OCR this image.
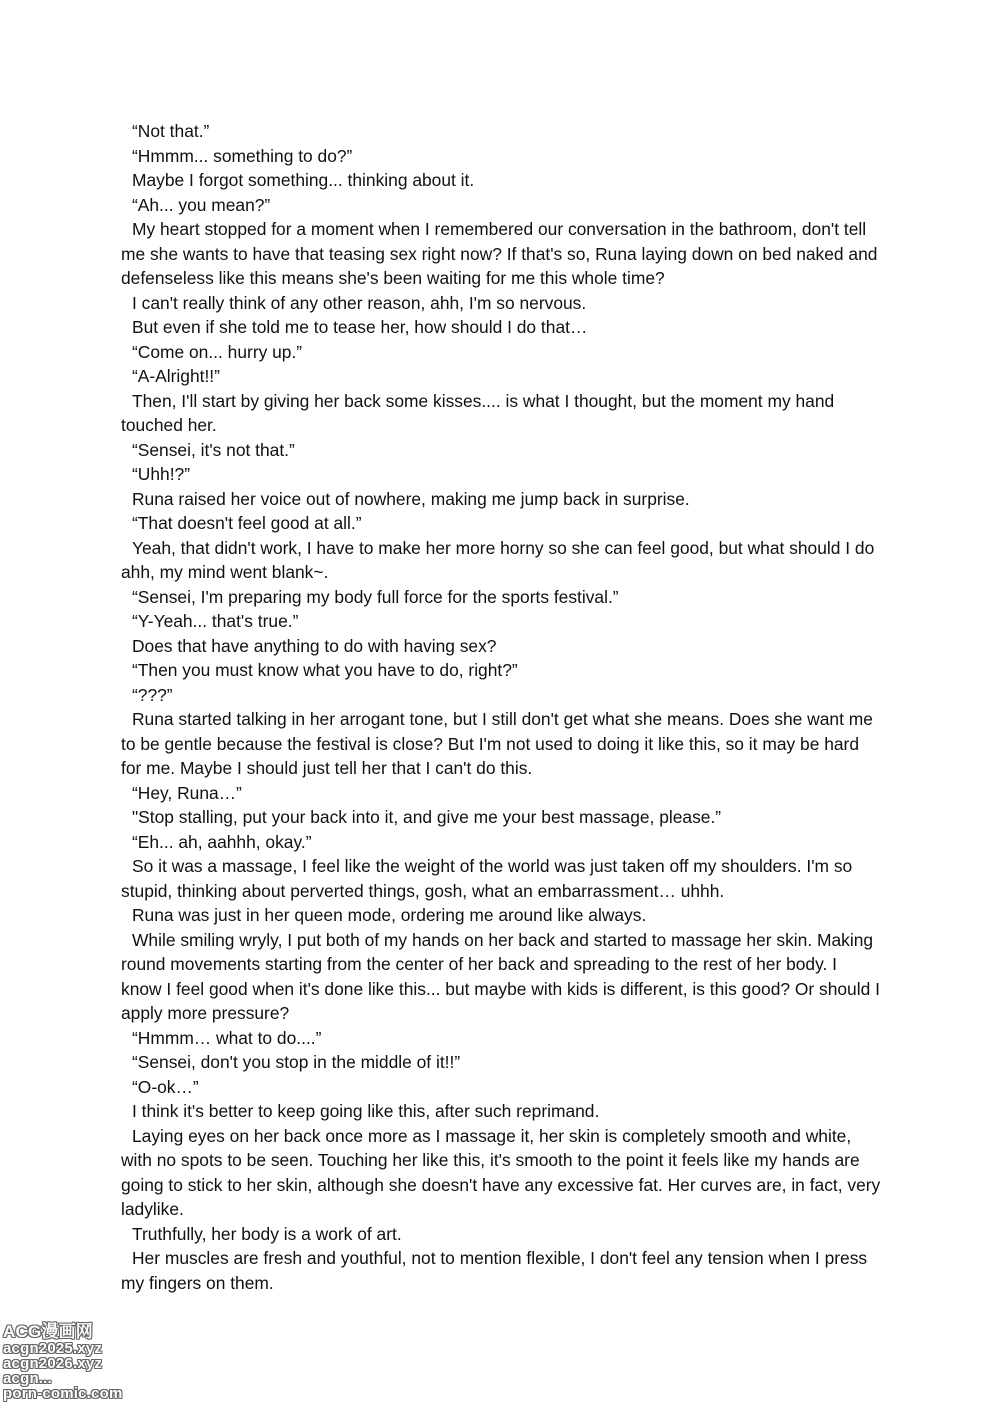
“Not that.”

“Hmmm... something to do?”

Maybe I forgot something... thinking about it.

“Ah... you mean?”

My heart stopped for a moment when I remembered our conversation in the bathroom, don't tell me she wants to have that teasing sex right now? If that's so, Runa laying down on bed naked and defenseless like this means she's been waiting for me this whole time?

I can't really think of any other reason, ahh, I'm so nervous.

But even if she told me to tease her, how should I do that…

“Come on... hurry up.”

“A-Alright!!”

Then, I'll start by giving her back some kisses.... is what I thought, but the moment my hand touched her.

“Sensei, it's not that.”

“Uhh!?”

Runa raised her voice out of nowhere, making me jump back in surprise.

“That doesn't feel good at all.”

Yeah, that didn't work, I have to make her more horny so she can feel good, but what should I do ahh, my mind went blank~.

“Sensei, I'm preparing my body full force for the sports festival.”

“Y-Yeah... that's true.”

Does that have anything to do with having sex?

“Then you must know what you have to do, right?”

“???”

Runa started talking in her arrogant tone, but I still don't get what she means. Does she want me to be gentle because the festival is close? But I'm not used to doing it like this, so it may be hard for me. Maybe I should just tell her that I can't do this.

“Hey, Runa…”

"Stop stalling, put your back into it, and give me your best massage, please.”

“Eh... ah, aahhh, okay.”

So it was a massage, I feel like the weight of the world was just taken off my shoulders. I'm so stupid, thinking about perverted things, gosh, what an embarrassment… uhhh.

Runa was just in her queen mode, ordering me around like always.

While smiling wryly, I put both of my hands on her back and started to massage her skin. Making round movements starting from the center of her back and spreading to the rest of her body. I know I feel good when it's done like this... but maybe with kids is different, is this good? Or should I apply more pressure?

“Hmmm… what to do....”

“Sensei, don't you stop in the middle of it!!”

“O-ok…”

I think it's better to keep going like this, after such reprimand.

Laying eyes on her back once more as I massage it, her skin is completely smooth and white, with no spots to be seen. Touching her like this, it's smooth to the point it feels like my hands are going to stick to her skin, although she doesn't have any excessive fat. Her curves are, in fact, very ladylike.

Truthfully, her body is a work of art.

Her muscles are fresh and youthful, not to mention flexible, I don't feel any tension when I press my fingers on them.

ACG漫画网
acgn2025.xyz
acgn2026.xyz
acgn...
porn-comic.com
